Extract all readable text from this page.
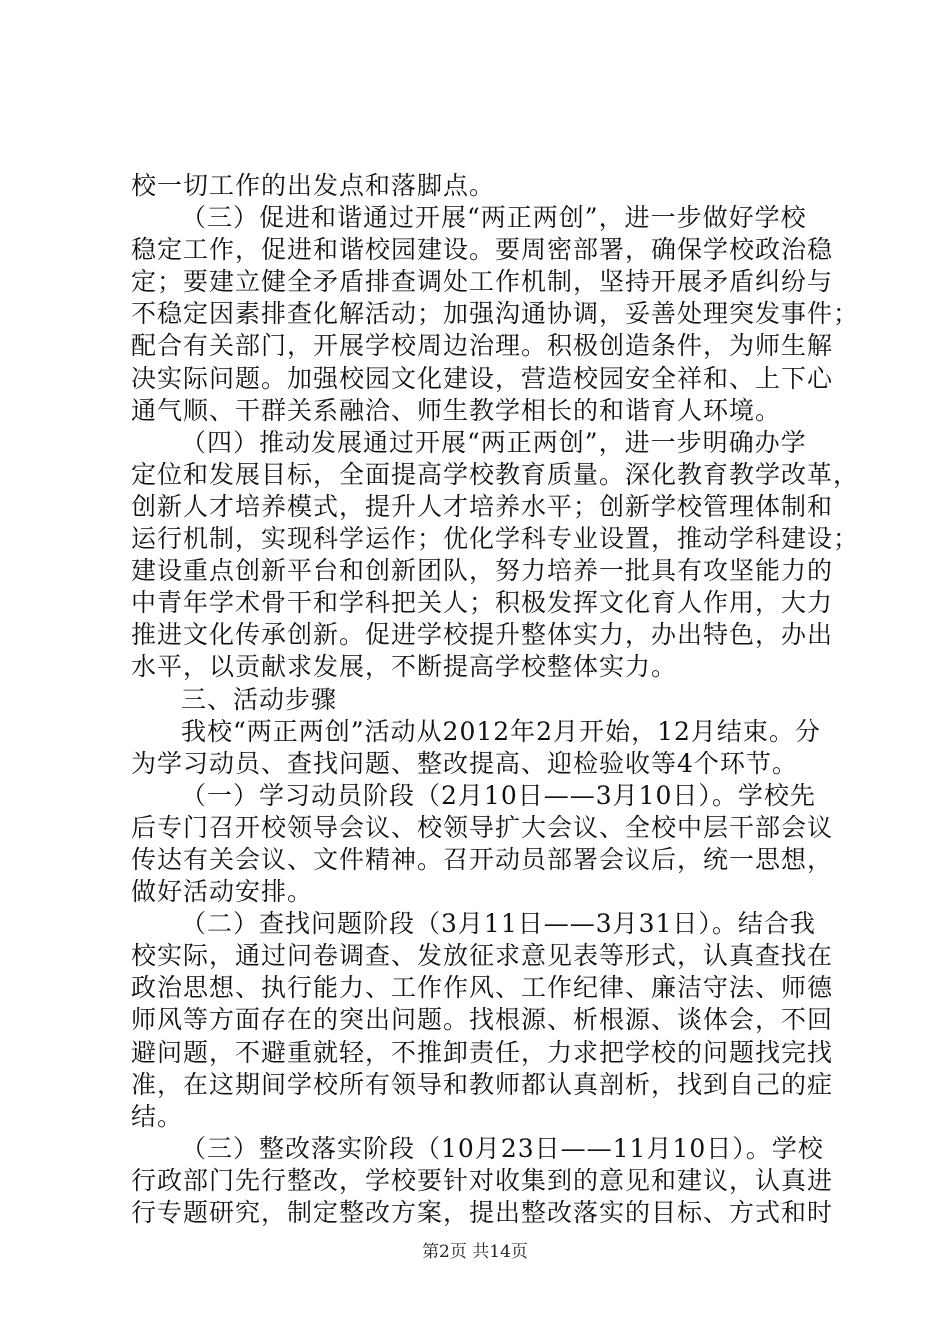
校一切工作的出发点和落脚点。
（三）促进和谐通过开展“两正两创”，进一步做好学校
稳定工作，促进和谐校园建设。要周密部署，确保学校政治稳
定；要建立健全矛盾排查调处工作机制，坚持开展矛盾纠纷与
不稳定因素排查化解活动；加强沟通协调，妥善处理突发事件；
配合有关部门，开展学校周边治理。积极创造条件，为师生解
决实际问题。加强校园文化建设，营造校园安全祥和、上下心
通气顺、干群关系融洽、师生教学相长的和谐育人环境。
（四）推动发展通过开展“两正两创”，进一步明确办学
定位和发展目标，全面提高学校教育质量。深化教育教学改革，
创新人才培养模式，提升人才培养水平；创新学校管理体制和
运行机制，实现科学运作；优化学科专业设置，推动学科建设；
建设重点创新平台和创新团队，努力培养一批具有攻坚能力的
中青年学术骨干和学科把关人；积极发挥文化育人作用，大力
推进文化传承创新。促进学校提升整体实力，办出特色，办出
水平，以贡献求发展，不断提高学校整体实力。
三、活动步骤
我校“两正两创”活动从2012年2月开始，12月结束。分
为学习动员、查找问题、整改提高、迎检验收等4个环节。
（一）学习动员阶段（2月10日——3月10日）。学校先
后专门召开校领导会议、校领导扩大会议、全校中层干部会议
传达有关会议、文件精神。召开动员部署会议后，统一思想，
做好活动安排。
（二）查找问题阶段（3月11日——3月31日）。结合我
校实际，通过问卷调查、发放征求意见表等形式，认真查找在
政治思想、执行能力、工作作风、工作纪律、廉洁守法、师德
师风等方面存在的突出问题。找根源、析根源、谈体会，不回
避问题，不避重就轻，不推卸责任，力求把学校的问题找完找
准，在这期间学校所有领导和教师都认真剖析，找到自己的症
结。
（三）整改落实阶段（10月23日——11月10日）。学校
行政部门先行整改，学校要针对收集到的意见和建议，认真进
行专题研究，制定整改方案，提出整改落实的目标、方式和时
第2页 共14页
